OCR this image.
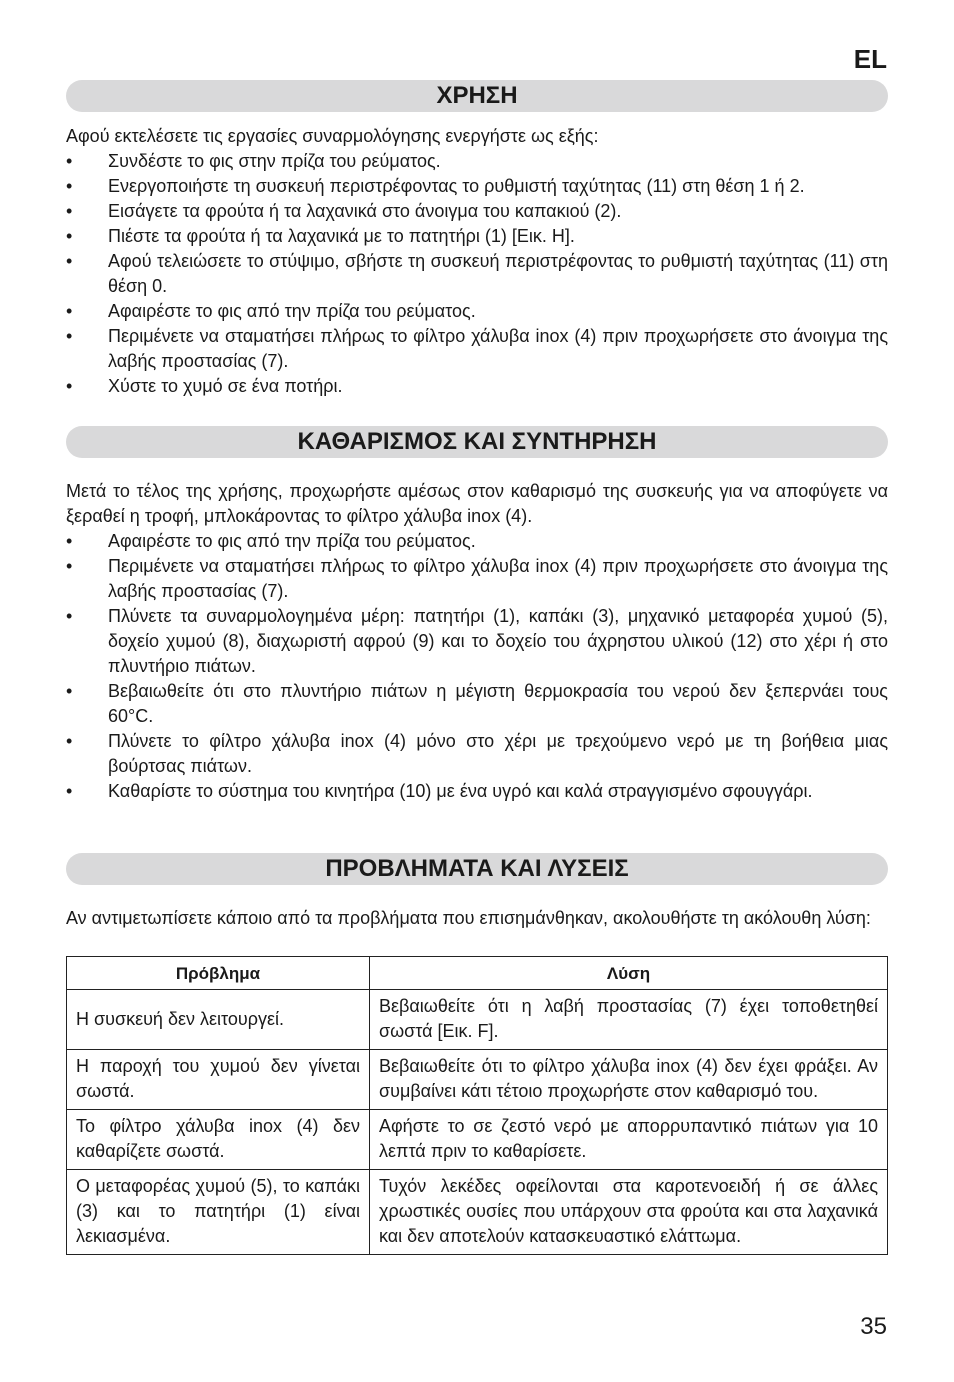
EL
ΧΡΗΣΗ

Αφού εκτελέσετε τις εργασίες συναρμολόγησης ενεργήστε ως εξής:

• Συνδέστε το φις στην πρίζα του ρεύματος.
• Ενεργοποιήστε τη συσκευή περιστρέφοντας το ρυθμιστή ταχύτητας (11) στη θέση 1 ή 2.
• Εισάγετε τα φρούτα ή τα λαχανικά στο άνοιγμα του καπακιού (2).
• Πιέστε τα φρούτα ή τα λαχανικά με το πατητήρι (1) [Εικ. H].
• Αφού τελειώσετε το στύψιμο, σβήστε τη συσκευή περιστρέφοντας το ρυθμιστή ταχύτητας (11) στη θέση 0.
• Αφαιρέστε το φις από την πρίζα του ρεύματος.
• Περιμένετε να σταματήσει πλήρως το φίλτρο χάλυβα inox (4) πριν προχωρήσετε στο άνοιγμα της λαβής προστασίας (7).
• Χύστε το χυμό σε ένα ποτήρι.
ΚΑΘΑΡΙΣΜΟΣ ΚΑΙ ΣΥΝΤΗΡΗΣΗ

Μετά το τέλος της χρήσης, προχωρήστε αμέσως στον καθαρισμό της συσκευής για να αποφύγετε να ξεραθεί η τροφή, μπλοκάροντας το φίλτρο χάλυβα inox (4).

• Αφαιρέστε το φις από την πρίζα του ρεύματος.
• Περιμένετε να σταματήσει πλήρως το φίλτρο χάλυβα inox (4) πριν προχωρήσετε στο άνοιγμα της λαβής προστασίας (7).
• Πλύνετε τα συναρμολογημένα μέρη: πατητήρι (1), καπάκι (3), μηχανικό μεταφορέα χυμού (5), δοχείο χυμού (8), διαχωριστή αφρού (9) και το δοχείο του άχρηστου υλικού (12) στο χέρι ή στο πλυντήριο πιάτων.
• Βεβαιωθείτε ότι στο πλυντήριο πιάτων η μέγιστη θερμοκρασία του νερού δεν ξεπερνάει τους 60°C.
• Πλύνετε το φίλτρο χάλυβα inox (4) μόνο στο χέρι με τρεχούμενο νερό με τη βοήθεια μιας βούρτσας πιάτων.
• Καθαρίστε το σύστημα του κινητήρα (10) με ένα υγρό και καλά στραγγισμένο σφουγγάρι.
ΠΡΟΒΛΗΜΑΤΑ ΚΑΙ ΛΥΣΕΙΣ

Αν αντιμετωπίσετε κάποιο από τα προβλήματα που επισημάνθηκαν, ακολουθήστε τη ακόλουθη λύση:

Πρόβλημα	Λύση
Η συσκευή δεν λειτουργεί.	Βεβαιωθείτε ότι η λαβή προστασίας (7) έχει τοποθετηθεί σωστά [Εικ. F].
Η παροχή του χυμού δεν γίνεται σωστά.	Βεβαιωθείτε ότι το φίλτρο χάλυβα inox (4) δεν έχει φράξει. Αν συμβαίνει κάτι τέτοιο προχωρήστε στον καθαρισμό του.
Το φίλτρο χάλυβα inox (4) δεν καθαρίζετε σωστά.	Αφήστε το σε ζεστό νερό με απορρυπαντικό πιάτων για 10 λεπτά πριν το καθαρίσετε.
Ο μεταφορέας χυμού (5), το καπάκι (3) και το πατητήρι (1) είναι λεκιασμένα.	Τυχόν λεκέδες οφείλονται στα καροτενοειδή ή σε άλλες χρωστικές ουσίες που υπάρχουν στα φρούτα και στα λαχανικά και δεν αποτελούν κατασκευαστικό ελάττωμα.
35
